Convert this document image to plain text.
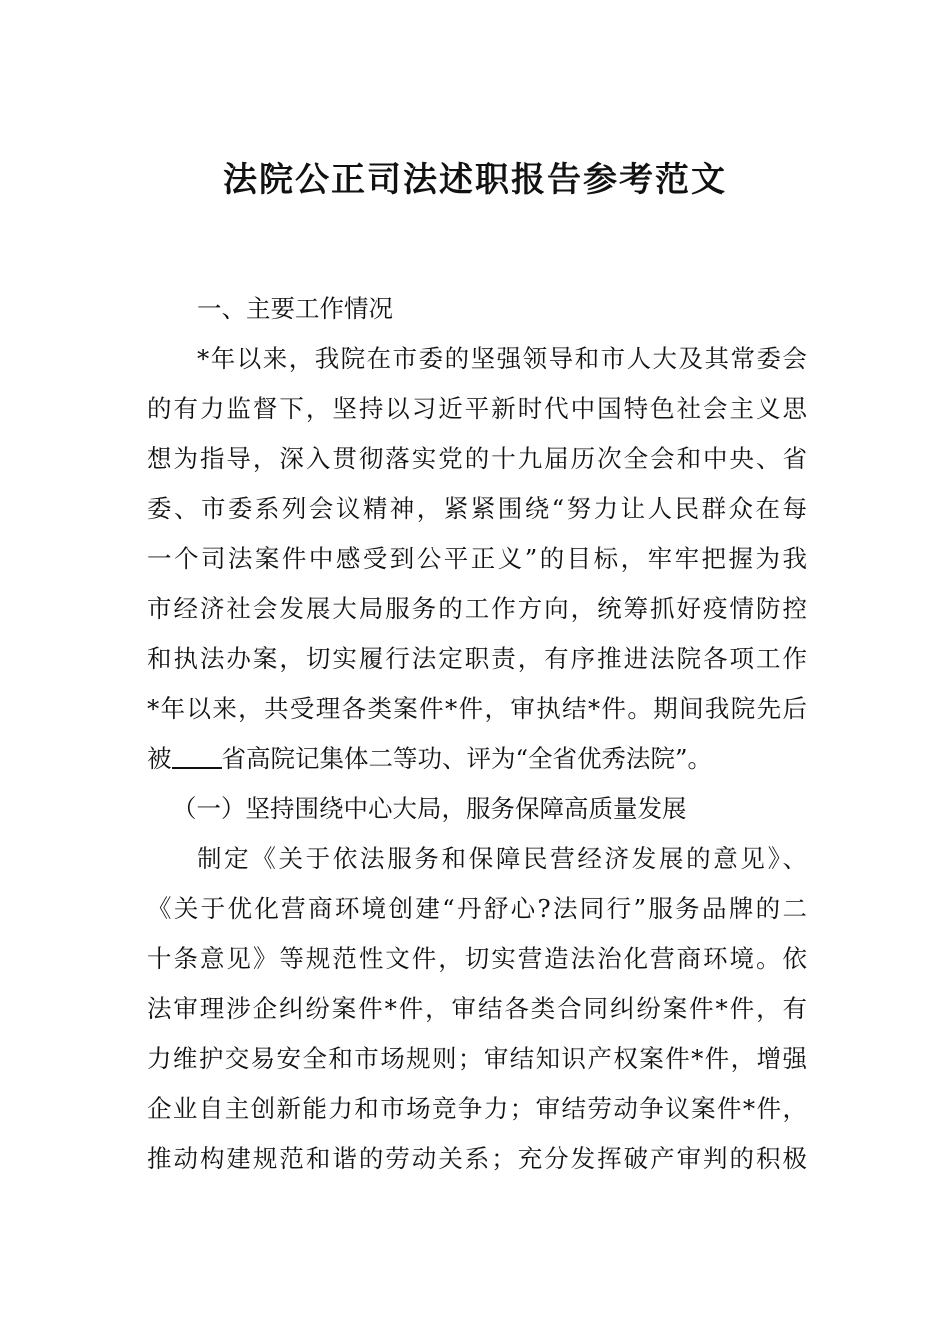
法院公正司法述职报告参考范文
一、主要工作情况
*年以来，我院在市委的坚强领导和市人大及其常委会
的有力监督下，坚持以习近平新时代中国特色社会主义思
想为指导，深入贯彻落实党的十九届历次全会和中央、省
委、市委系列会议精神，紧紧围绕“努力让人民群众在每
一个司法案件中感受到公平正义”的目标，牢牢把握为我
市经济社会发展大局服务的工作方向，统筹抓好疫情防控
和执法办案，切实履行法定职责，有序推进法院各项工作
*年以来，共受理各类案件*件，审执结*件。期间我院先后
被 省高院记集体二等功、评为“全省优秀法院”。
（一）坚持围绕中心大局，服务保障高质量发展
制定《关于依法服务和保障民营经济发展的意见》、
《关于优化营商环境创建“丹舒心?法同行”服务品牌的二
十条意见》等规范性文件，切实营造法治化营商环境。依
法审理涉企纠纷案件*件，审结各类合同纠纷案件*件，有
力维护交易安全和市场规则；审结知识产权案件*件，增强
企业自主创新能力和市场竞争力；审结劳动争议案件*件，
推动构建规范和谐的劳动关系；充分发挥破产审判的积极
